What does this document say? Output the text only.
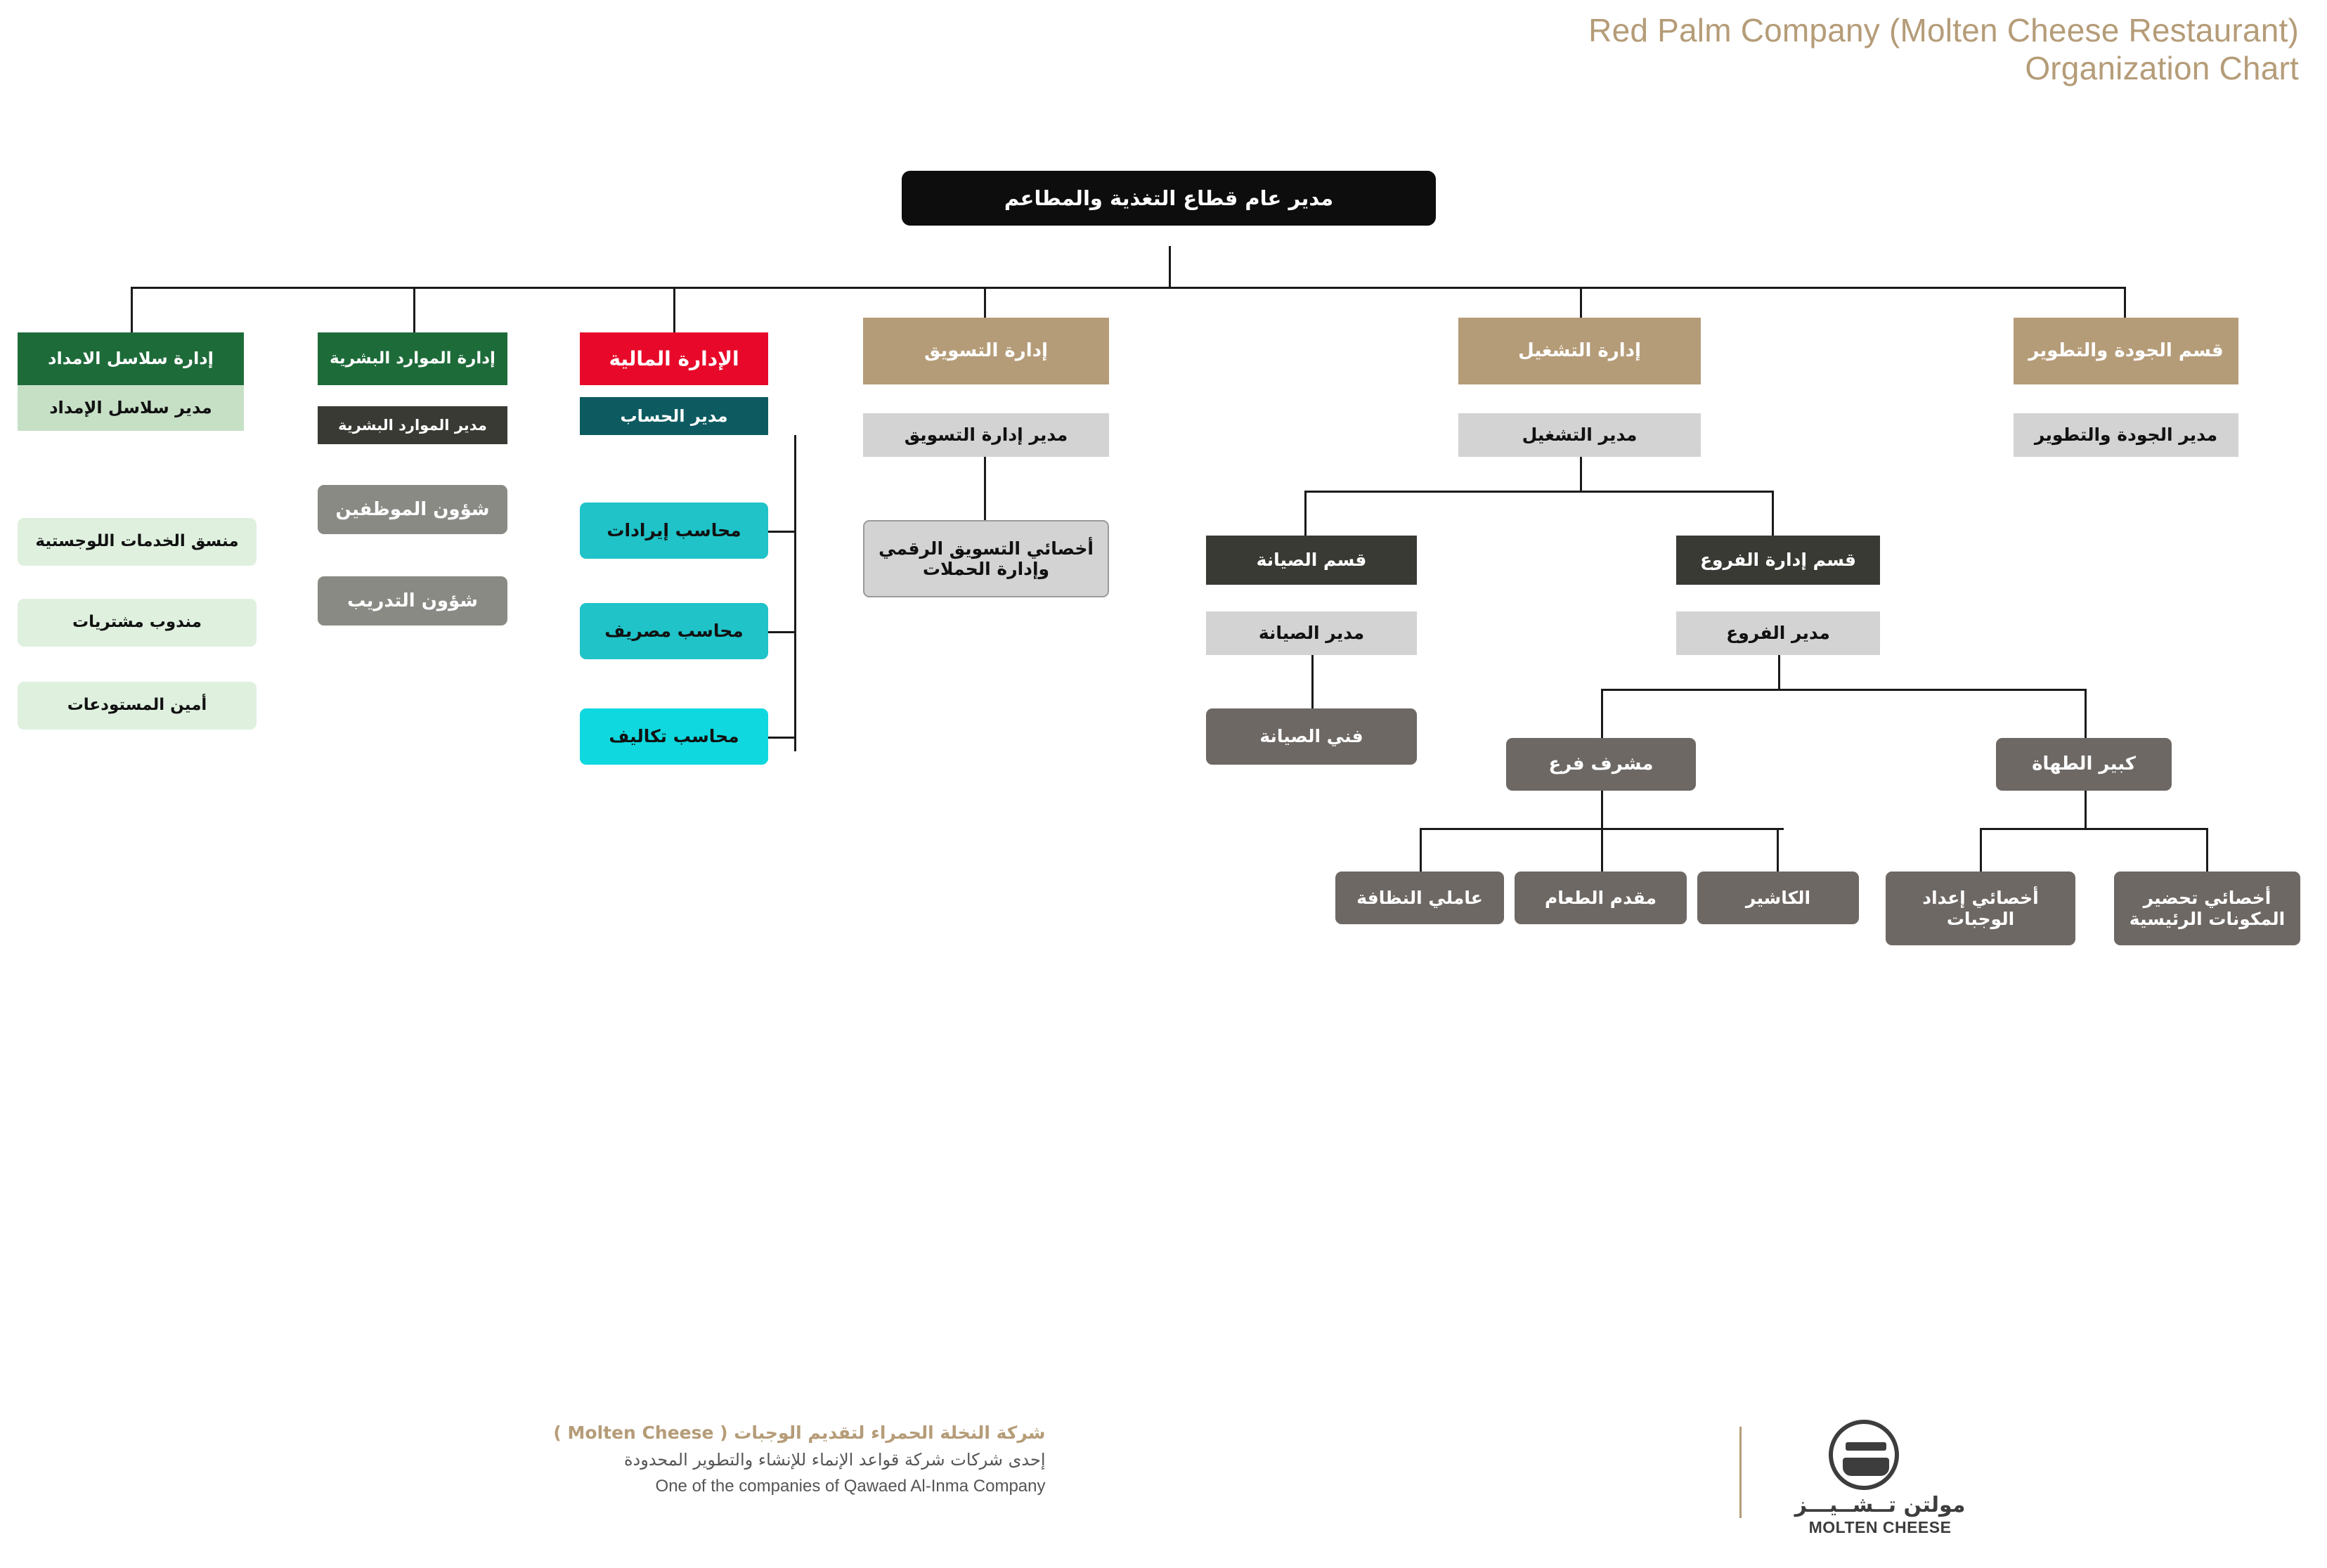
Red Palm Company (Molten Cheese Restaurant)
Organization Chart
مدير عام قطاع التغذية والمطاعم
إدارة سلاسل الامداد
مدير سلاسل الإمداد
منسق الخدمات اللوجستية
مندوب مشتريات
أمين المستودعات
إدارة الموارد البشرية
مدير الموارد البشرية
شؤون الموظفين
شؤون التدريب
الإدارة المالية
مدير الحساب
محاسب إيرادات
محاسب مصريف
محاسب تكاليف
إدارة التسويق
مدير إدارة التسويق
أخصائي التسويق الرقمي وإدارة الحملات
إدارة التشغيل
مدير التشغيل
قسم الصيانة
مدير الصيانة
فني الصيانة
قسم إدارة الفروع
مدير الفروع
مشرف فرع	كبير الطهاة
عاملي النظافة	مقدم الطعام	الكاشير	أخصائي إعداد الوجبات
أخصائي تحضير المكونات الرئيسية
قسم الجودة والتطوير
مدير الجودة والتطوير
شركة النخلة الحمراء لتقديم الوجبات ( Molten Cheese )
إحدى شركات شركة قواعد الإنماء للإنشاء والتطوير المحدودة
One of the companies of Qawaed Al-Inma Company
مولتن تــشــيـــز
MOLTEN CHEESE
